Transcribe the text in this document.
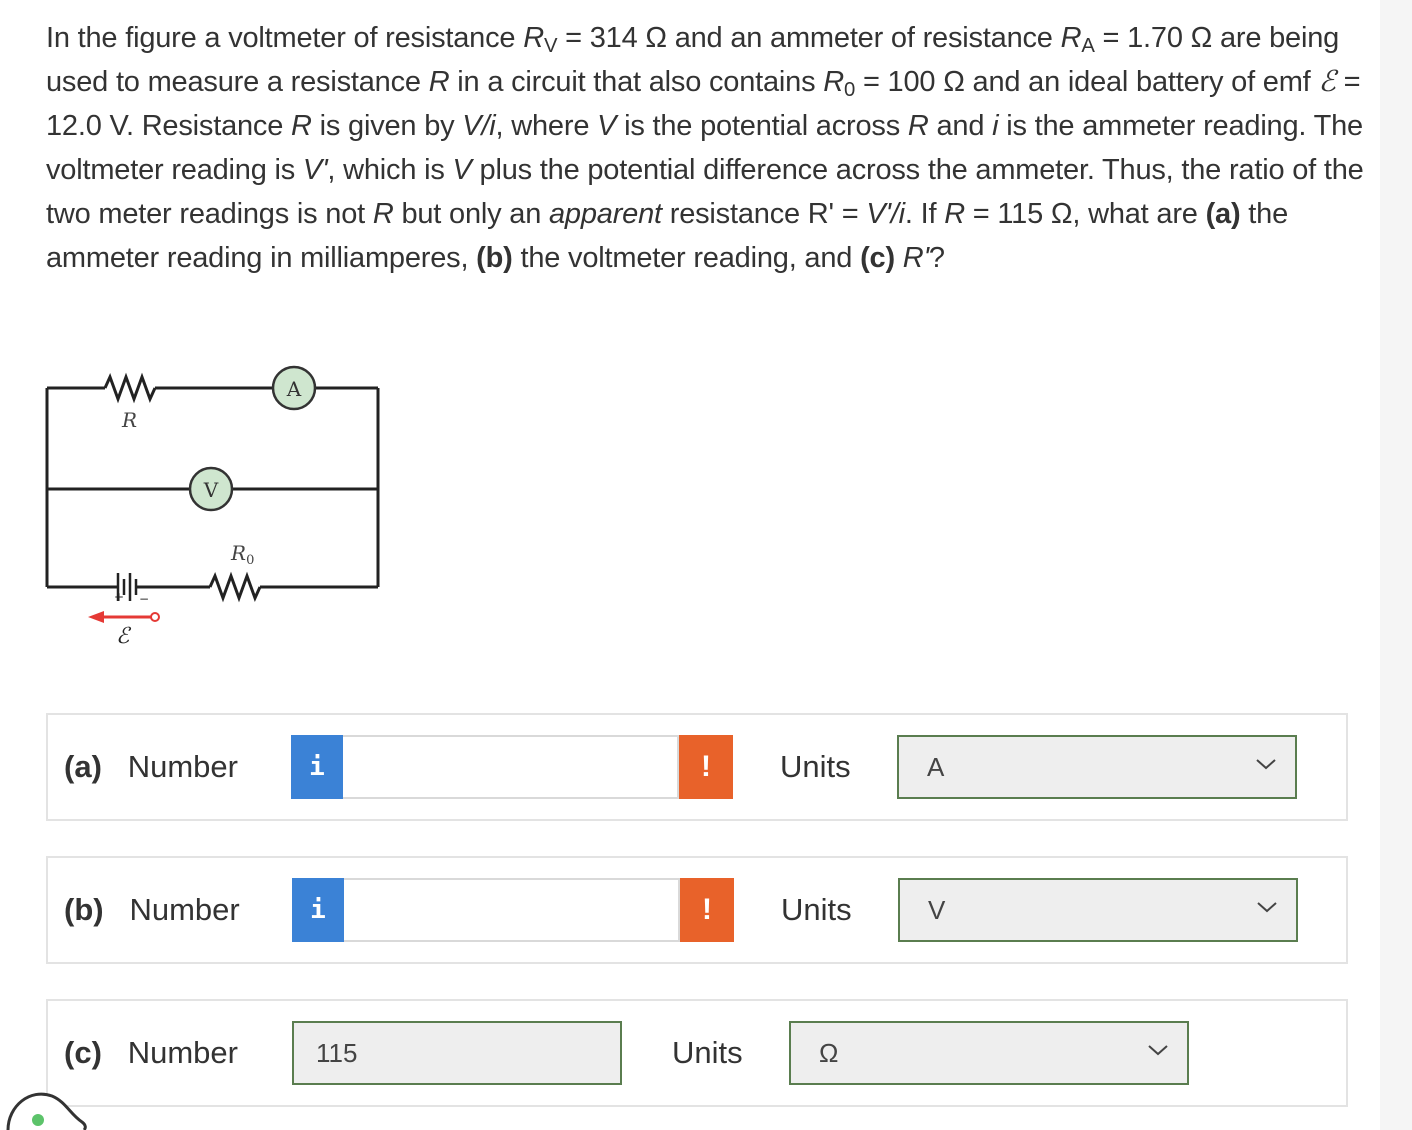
In the figure a voltmeter of resistance $R_V = 314$ Ω and an ammeter of resistance $R_A = 1.70$ Ω are being used to measure a resistance R in a circuit that also contains $R_0 = 100$ Ω and an ideal battery of emf ℰ = 12.0 V. Resistance R is given by V/i, where V is the potential across R and i is the ammeter reading. The voltmeter reading is V', which is V plus the potential difference across the ammeter. Thus, the ratio of the two meter readings is not R but only an apparent resistance R' = V'/i. If R = 115 Ω, what are (a) the ammeter reading in milliamperes, (b) the voltmeter reading, and (c) R'?
+ −
ℰ
A
V
R
$R_0$
(a) Number	i	!	Units	A
(b) Number	i	!	Units	V
(c) Number	115	Units	Ω
